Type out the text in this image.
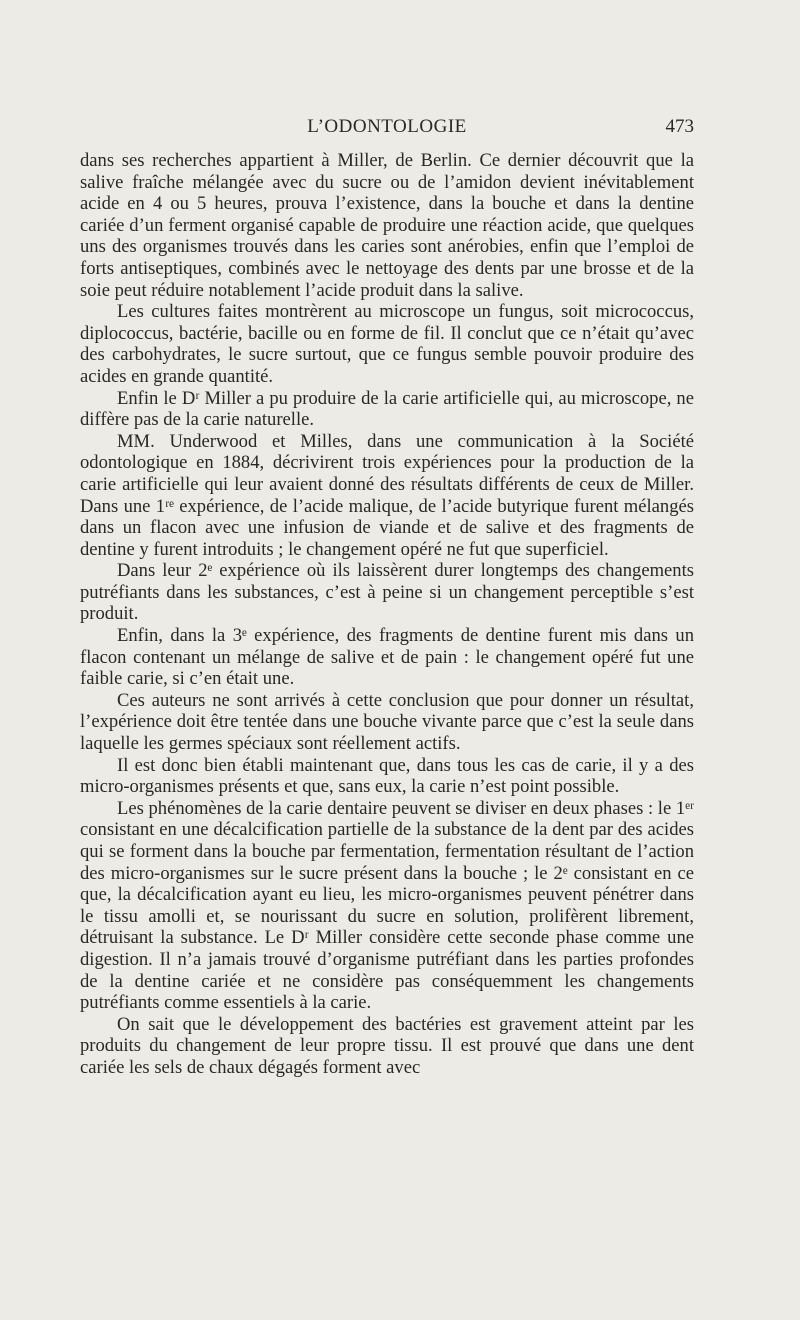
L’ODONTOLOGIE	473

dans ses recherches appartient à Miller, de Berlin. Ce dernier découvrit que la salive fraîche mélangée avec du sucre ou de l’amidon devient inévitablement acide en 4 ou 5 heures, prouva l’existence, dans la bouche et dans la dentine cariée d’un ferment organisé capable de produire une réaction acide, que quelques uns des organismes trouvés dans les caries sont anérobies, enfin que l’emploi de forts antiseptiques, combinés avec le nettoyage des dents par une brosse et de la soie peut réduire notablement l’acide produit dans la salive.

Les cultures faites montrèrent au microscope un fungus, soit micrococcus, diplococcus, bactérie, bacille ou en forme de fil. Il conclut que ce n’était qu’avec des carbohydrates, le sucre surtout, que ce fungus semble pouvoir produire des acides en grande quantité.

Enfin le Dʳ Miller a pu produire de la carie artificielle qui, au microscope, ne diffère pas de la carie naturelle.

MM. Underwood et Milles, dans une communication à la Société odontologique en 1884, décrivirent trois expériences pour la production de la carie artificielle qui leur avaient donné des résultats différents de ceux de Miller. Dans une 1ʳᵉ expérience, de l’acide malique, de l’acide butyrique furent mélangés dans un flacon avec une infusion de viande et de salive et des fragments de dentine y furent introduits ; le changement opéré ne fut que superficiel.

Dans leur 2ᵉ expérience où ils laissèrent durer longtemps des changements putréfiants dans les substances, c’est à peine si un changement perceptible s’est produit.

Enfin, dans la 3ᵉ expérience, des fragments de dentine furent mis dans un flacon contenant un mélange de salive et de pain : le changement opéré fut une faible carie, si c’en était une.

Ces auteurs ne sont arrivés à cette conclusion que pour donner un résultat, l’expérience doit être tentée dans une bouche vivante parce que c’est la seule dans laquelle les germes spéciaux sont réellement actifs.

Il est donc bien établi maintenant que, dans tous les cas de carie, il y a des micro-organismes présents et que, sans eux, la carie n’est point possible.

Les phénomènes de la carie dentaire peuvent se diviser en deux phases : le 1ᵉʳ consistant en une décalcification partielle de la substance de la dent par des acides qui se forment dans la bouche par fermentation, fermentation résultant de l’action des micro-organismes sur le sucre présent dans la bouche ; le 2ᵉ consistant en ce que, la décalcification ayant eu lieu, les micro-organismes peuvent pénétrer dans le tissu amolli et, se nourissant du sucre en solution, prolifèrent librement, détruisant la substance. Le Dʳ Miller considère cette seconde phase comme une digestion. Il n’a jamais trouvé d’organisme putréfiant dans les parties profondes de la dentine cariée et ne considère pas conséquemment les changements putréfiants comme essentiels à la carie.

On sait que le développement des bactéries est gravement atteint par les produits du changement de leur propre tissu. Il est prouvé que dans une dent cariée les sels de chaux dégagés forment avec
